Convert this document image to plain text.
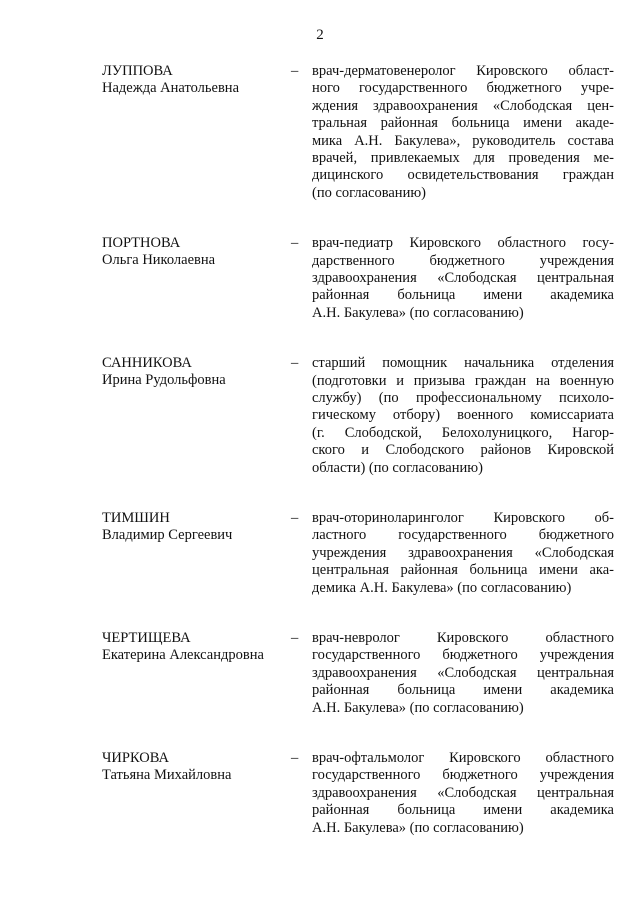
2
ЛУППОВА
Надежда Анатольевна
– врач-дерматовенеролог Кировского област-
ного государственного бюджетного учре-
ждения здравоохранения «Слободская цен-
тральная районная больница имени акаде-
мика А.Н. Бакулева», руководитель состава
врачей, привлекаемых для проведения ме-
дицинского освидетельствования граждан
(по согласованию)
ПОРТНОВА
Ольга Николаевна
– врач-педиатр Кировского областного госу-
дарственного бюджетного учреждения
здравоохранения «Слободская центральная
районная больница имени академика
А.Н. Бакулева» (по согласованию)
САННИКОВА
Ирина Рудольфовна
– старший помощник начальника отделения
(подготовки и призыва граждан на военную
службу) (по профессиональному психоло-
гическому отбору) военного комиссариата
(г. Слободской, Белохолуницкого, Нагор-
ского и Слободского районов Кировской
области) (по согласованию)
ТИМШИН
Владимир Сергеевич
– врач-оториноларинголог Кировского об-
ластного государственного бюджетного
учреждения здравоохранения «Слободская
центральная районная больница имени ака-
демика А.Н. Бакулева» (по согласованию)
ЧЕРТИЩЕВА
Екатерина Александровна
– врач-невролог Кировского областного
государственного бюджетного учреждения
здравоохранения «Слободская центральная
районная больница имени академика
А.Н. Бакулева» (по согласованию)
ЧИРКОВА
Татьяна Михайловна
– врач-офтальмолог Кировского областного
государственного бюджетного учреждения
здравоохранения «Слободская центральная
районная больница имени академика
А.Н. Бакулева» (по согласованию)
